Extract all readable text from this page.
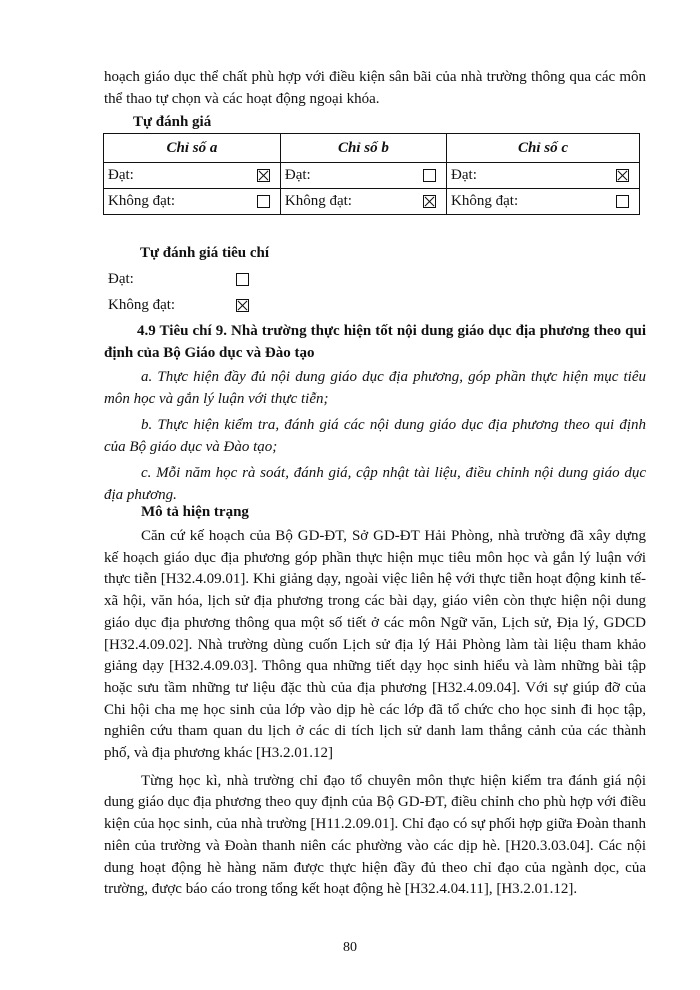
hoạch giáo dục thể chất phù hợp với điều kiện sân bãi của nhà trường thông qua các môn thể thao tự chọn và các hoạt động ngoại khóa.

Tự đánh giá
Chỉ số a	Chỉ số b	Chỉ số c

Đạt:	Đạt:	Đạt:

Không đạt:	Không đạt:	Không đạt:
Tự đánh giá tiêu chí
Đạt:
Không đạt:

4.9 Tiêu chí 9. Nhà trường thực hiện tốt nội dung giáo dục địa phương theo qui định của Bộ Giáo dục và Đào tạo

a. Thực hiện đầy đủ nội dung giáo dục địa phương, góp phần thực hiện mục tiêu môn học và gắn lý luận với thực tiễn;

b. Thực hiện kiểm tra, đánh giá các nội dung giáo dục địa phương theo qui định của Bộ giáo dục và Đào tạo;

c. Mỗi năm học rà soát, đánh giá, cập nhật tài liệu, điều chỉnh nội dung giáo dục địa phương.

Mô tả hiện trạng

Căn cứ kế hoạch của Bộ GD-ĐT, Sở GD-ĐT Hải Phòng, nhà trường đã xây dựng kế hoạch giáo dục địa phương góp phần thực hiện mục tiêu môn học và gắn lý luận với thực tiễn [H32.4.09.01]. Khi giảng dạy, ngoài việc liên hệ với thực tiễn hoạt động kinh tế-xã hội, văn hóa, lịch sử địa phương trong các bài dạy, giáo viên còn thực hiện nội dung giáo dục địa phương thông qua một số tiết ở các môn Ngữ văn, Lịch sử, Địa lý, GDCD [H32.4.09.02]. Nhà trường dùng cuốn Lịch sử địa lý Hải Phòng làm tài liệu tham khảo giảng dạy [H32.4.09.03]. Thông qua những tiết dạy học sinh hiểu và làm những bài tập hoặc sưu tầm những tư liệu đặc thù của địa phương [H32.4.09.04]. Với sự giúp đỡ của Chi hội cha mẹ học sinh của lớp vào dịp hè các lớp đã tổ chức cho học sinh đi học tập, nghiên cứu tham quan du lịch ở các di tích lịch sử danh lam thắng cảnh của các thành phố, và địa phương khác [H3.2.01.12]

Từng học kì, nhà trường chỉ đạo tổ chuyên môn thực hiện kiểm tra đánh giá nội dung giáo dục địa phương theo quy định của Bộ GD-ĐT, điều chỉnh cho phù hợp với điều kiện của học sinh, của nhà trường [H11.2.09.01]. Chỉ đạo có sự phối hợp giữa Đoàn thanh niên của trường và Đoàn thanh niên các phường vào các dịp hè. [H20.3.03.04]. Các nội dung hoạt động hè hàng năm được thực hiện đầy đủ theo chỉ đạo của ngành dọc, của trường, được báo cáo trong tổng kết hoạt động hè [H32.4.04.11], [H3.2.01.12].

80
